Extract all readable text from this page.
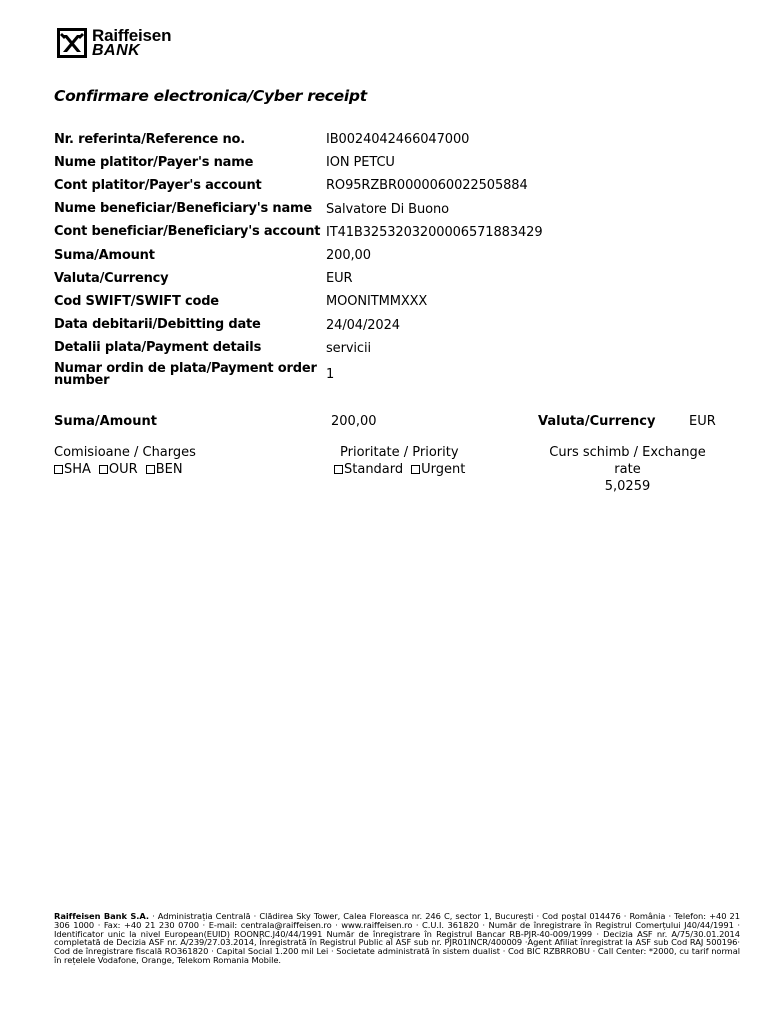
Raiffeisen
BANK
Confirmare electronica/Cyber receipt
Nr. referinta/Reference no.	IB0024042466047000
Nume platitor/Payer's name	ION PETCU
Cont platitor/Payer's account	RO95RZBR0000060022505884
Nume beneficiar/Beneficiary's name	Salvatore Di Buono
Cont beneficiar/Beneficiary's account IT41B3253203200006571883429
Suma/Amount	200,00
Valuta/Currency	EUR
Cod SWIFT/SWIFT code	MOONITMMXXX
Data debitarii/Debitting date	24/04/2024
Detalii plata/Payment details	servicii
Numar ordin de plata/Payment order number	1
Suma/Amount	200,00	Valuta/Currency	EUR
Comisioane / Charges
SHA OUR BEN
Prioritate / Priority
Standard Urgent
Curs schimb / Exchange rate
5,0259
Raiffeisen Bank S.A. · Administrația Centrală · Clădirea Sky Tower, Calea Floreasca nr. 246 C, sector 1, București · Cod poștal 014476 · România · Telefon: +40 21 306 1000 · Fax: +40 21 230 0700 · E-mail: centrala@raiffeisen.ro · www.raiffeisen.ro · C.U.I. 361820 · Număr de înregistrare în Registrul Comerțului J40/44/1991 · Identificator unic la nivel European(EUID) ROONRC.J40/44/1991 Număr de înregistrare în Registrul Bancar RB-PJR-40-009/1999 · Decizia ASF nr. A/75/30.01.2014 completată de Decizia ASF nr. A/239/27.03.2014, Înregistrată în Registrul Public al ASF sub nr. PJR01INCR/400009 ·Agent Afiliat înregistrat la ASF sub Cod RAJ 500196· Cod de înregistrare fiscală RO361820 · Capital Social 1.200 mil Lei · Societate administrată în sistem dualist · Cod BIC RZBRROBU · Call Center: *2000, cu tarif normal în rețelele Vodafone, Orange, Telekom Romania Mobile.
